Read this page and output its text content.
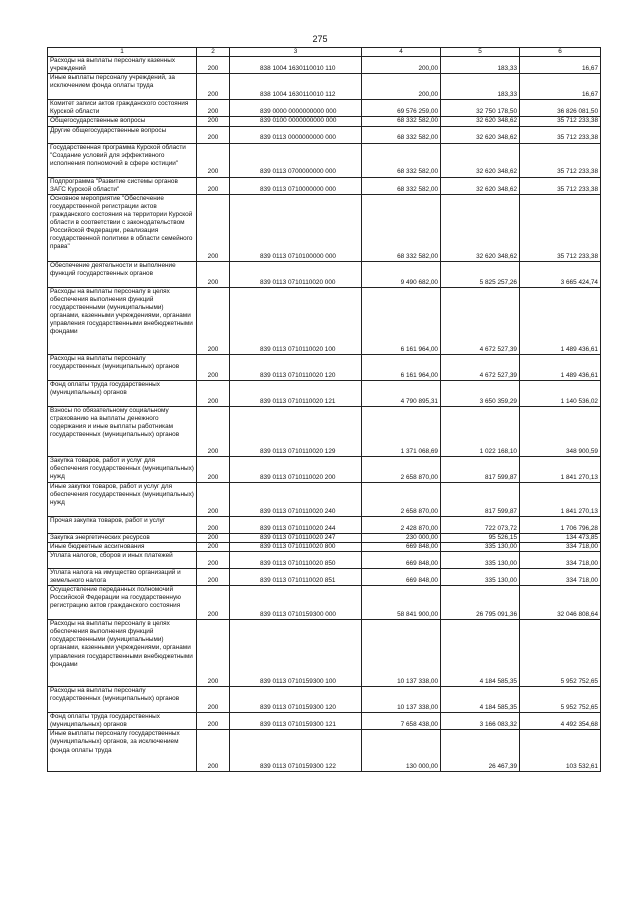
275
1	2	3	4	5	6
Расходы на выплаты персоналу казенных учреждений	200	838 1004 1630110010 110	200,00	183,33	16,67
Иные выплаты персоналу учреждений, за исключением фонда оплаты труда	200	838 1004 1630110010 112	200,00	183,33	16,67
Комитет записи актов гражданского состояния Курской области	200	839 0000 0000000000 000	69 576 259,00	32 750 178,50	36 826 081,50
Общегосударственные вопросы	200	839 0100 0000000000 000	68 332 582,00	32 620 348,62	35 712 233,38
Другие общегосударственные вопросы	200	839 0113 0000000000 000	68 332 582,00	32 620 348,62	35 712 233,38
Государственная программа Курской области "Создание условий для эффективного исполнения полномочий в сфере юстиции"	200	839 0113 0700000000 000	68 332 582,00	32 620 348,62	35 712 233,38
Подпрограмма "Развитие системы органов ЗАГС Курской области"	200	839 0113 0710000000 000	68 332 582,00	32 620 348,62	35 712 233,38
Основное мероприятие "Обеспечение государственной регистрации актов гражданского состояния на территории Курской области в соответствии с законодательством Российской Федерации, реализация государственной политики в области семейного права"	200	839 0113 0710100000 000	68 332 582,00	32 620 348,62	35 712 233,38
Обеспечение деятельности и выполнение функций государственных органов	200	839 0113 0710110020 000	9 490 682,00	5 825 257,26	3 665 424,74
Расходы на выплаты персоналу в целях обеспечения выполнения функций государственными (муниципальными) органами, казенными учреждениями, органами управления государственными внебюджетными фондами	200	839 0113 0710110020 100	6 161 964,00	4 672 527,39	1 489 436,61
Расходы на выплаты персоналу государственных (муниципальных) органов	200	839 0113 0710110020 120	6 161 964,00	4 672 527,39	1 489 436,61
Фонд оплаты труда государственных (муниципальных) органов	200	839 0113 0710110020 121	4 790 895,31	3 650 359,29	1 140 536,02
Взносы по обязательному социальному страхованию на выплаты денежного содержания и иные выплаты работникам государственных (муниципальных) органов	200	839 0113 0710110020 129	1 371 068,69	1 022 168,10	348 900,59
Закупка товаров, работ и услуг для обеспечения государственных (муниципальных) нужд	200	839 0113 0710110020 200	2 658 870,00	817 599,87	1 841 270,13
Иные закупки товаров, работ и услуг для обеспечения государственных (муниципальных) нужд	200	839 0113 0710110020 240	2 658 870,00	817 599,87	1 841 270,13
Прочая закупка товаров, работ и услуг	200	839 0113 0710110020 244	2 428 870,00	722 073,72	1 706 796,28
Закупка энергетических ресурсов	200	839 0113 0710110020 247	230 000,00	95 526,15	134 473,85
Иные бюджетные ассигнования	200	839 0113 0710110020 800	669 848,00	335 130,00	334 718,00
Уплата налогов, сборов и иных платежей	200	839 0113 0710110020 850	669 848,00	335 130,00	334 718,00
Уплата налога на имущество организаций и земельного налога	200	839 0113 0710110020 851	669 848,00	335 130,00	334 718,00
Осуществление переданных полномочий Российской Федерации на государственную регистрацию актов гражданского состояния	200	839 0113 0710159300 000	58 841 900,00	26 795 091,36	32 046 808,64
Расходы на выплаты персоналу в целях обеспечения выполнения функций государственными (муниципальными) органами, казенными учреждениями, органами управления государственными внебюджетными фондами	200	839 0113 0710159300 100	10 137 338,00	4 184 585,35	5 952 752,65
Расходы на выплаты персоналу государственных (муниципальных) органов	200	839 0113 0710159300 120	10 137 338,00	4 184 585,35	5 952 752,65
Фонд оплаты труда государственных (муниципальных) органов	200	839 0113 0710159300 121	7 658 438,00	3 166 083,32	4 492 354,68
Иные выплаты персоналу государственных (муниципальных) органов, за исключением фонда оплаты труда	200	839 0113 0710159300 122	130 000,00	26 467,39	103 532,61
